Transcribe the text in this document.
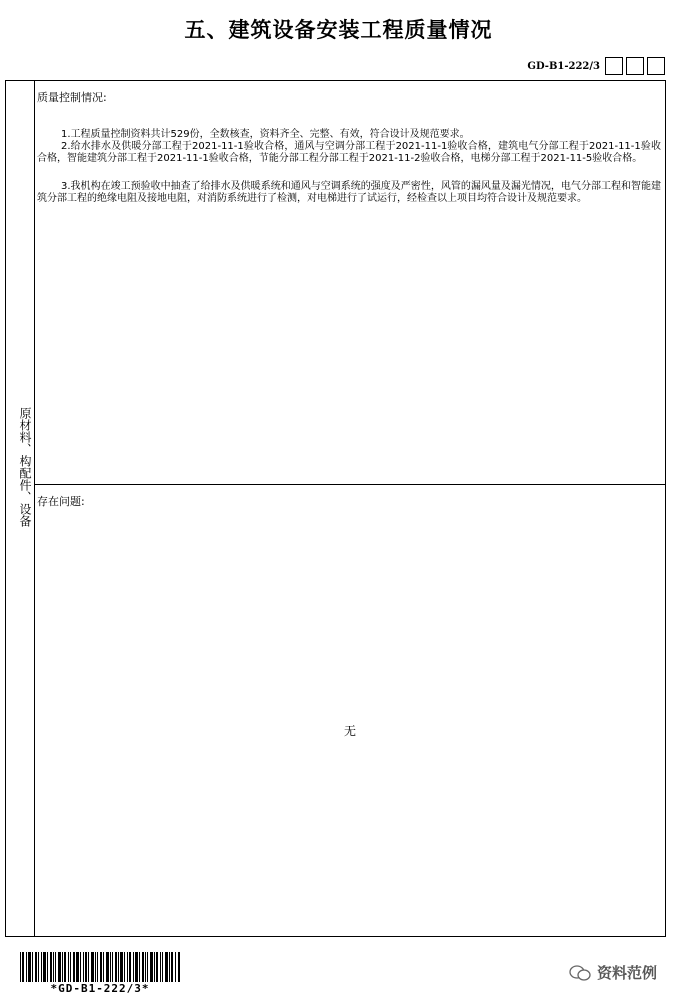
五、建筑设备安装工程质量情况
GD-B1-222/3
原材料、构配件、设备
质量控制情况:
1.工程质量控制资料共计529份，全数核查，资料齐全、完整、有效，符合设计及规范要求。
2.给水排水及供暖分部工程于2021-11-1验收合格，通风与空调分部工程于2021-11-1验收合格，建筑电气分部工程于2021-11-1验收合格，智能建筑分部工程于2021-11-1验收合格，节能分部工程分部工程于2021-11-2验收合格，电梯分部工程于2021-11-5验收合格。
3.我机构在竣工预验收中抽查了给排水及供暖系统和通风与空调系统的强度及严密性，风管的漏风量及漏光情况，电气分部工程和智能建筑分部工程的绝缘电阻及接地电阻，对消防系统进行了检测，对电梯进行了试运行，经检查以上项目均符合设计及规范要求。
存在问题:
无
*GD-B1-222/3*
资料范例
